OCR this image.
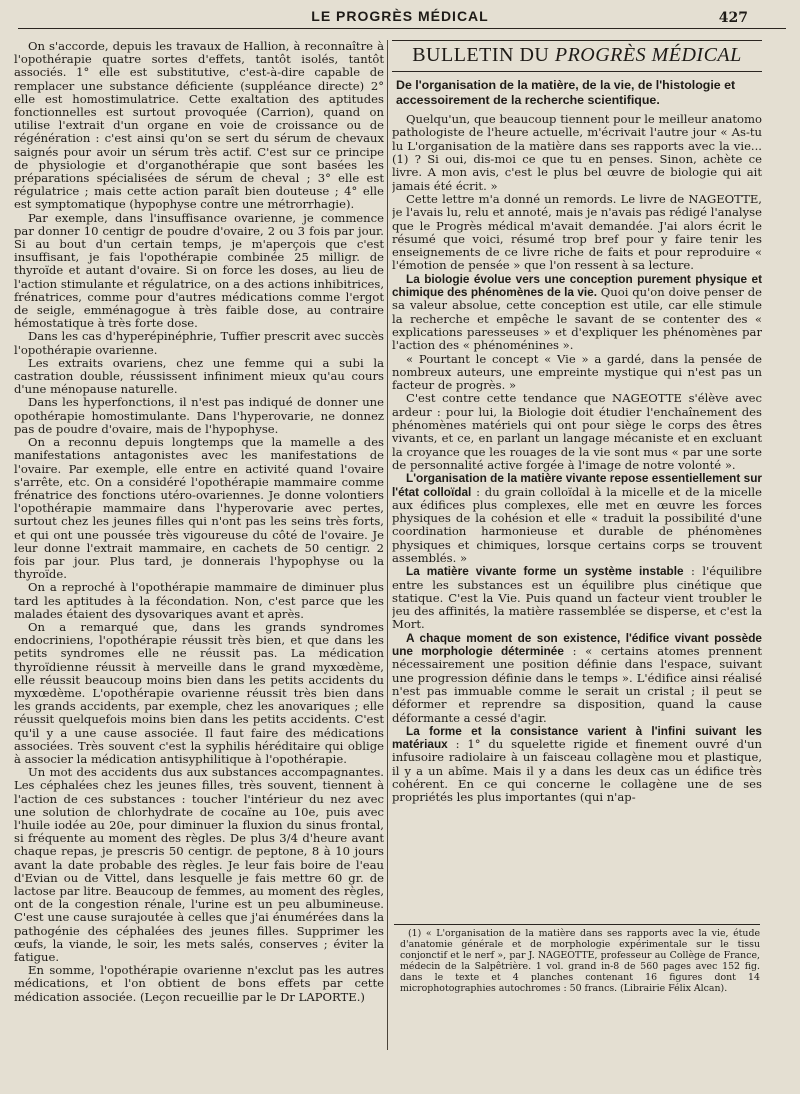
LE PROGRÈS MÉDICAL	427

On s'accorde, depuis les travaux de Hallion, à reconnaître à l'opothérapie quatre sortes d'effets, tantôt isolés, tantôt associés. 1° elle est substitutive, c'est-à-dire capable de remplacer une substance déficiente (suppléance directe) 2° elle est homostimulatrice. Cette exaltation des aptitudes fonctionnelles est surtout provoquée (Carrion), quand on utilise l'extrait d'un organe en voie de croissance ou de régénération : c'est ainsi qu'on se sert du sérum de chevaux saignés pour avoir un sérum très actif. C'est sur ce principe de physiologie et d'organothérapie que sont basées les préparations spécialisées de sérum de cheval ; 3° elle est régulatrice ; mais cette action paraît bien douteuse ; 4° elle est symptomatique (hypophyse contre une métrorrhagie).

Par exemple, dans l'insuffisance ovarienne, je commence par donner 10 centigr de poudre d'ovaire, 2 ou 3 fois par jour. Si au bout d'un certain temps, je m'aperçois que c'est insuffisant, je fais l'opothérapie combinée 25 milligr. de thyroïde et autant d'ovaire. Si on force les doses, au lieu de l'action stimulante et régulatrice, on a des actions inhibitrices, frénatrices, comme pour d'autres médications comme l'ergot de seigle, emménagogue à très faible dose, au contraire hémostatique à très forte dose.

Dans les cas d'hyperépinéphrie, Tuffier prescrit avec succès l'opothérapie ovarienne.

Les extraits ovariens, chez une femme qui a subi la castration double, réussissent infiniment mieux qu'au cours d'une ménopause naturelle.

Dans les hyperfonctions, il n'est pas indiqué de donner une opothérapie homostimulante. Dans l'hyperovarie, ne donnez pas de poudre d'ovaire, mais de l'hypophyse.

On a reconnu depuis longtemps que la mamelle a des manifestations antagonistes avec les manifestations de l'ovaire. Par exemple, elle entre en activité quand l'ovaire s'arrête, etc. On a considéré l'opothérapie mammaire comme frénatrice des fonctions utéro-ovariennes. Je donne volontiers l'opothérapie mammaire dans l'hyperovarie avec pertes, surtout chez les jeunes filles qui n'ont pas les seins très forts, et qui ont une poussée très vigoureuse du côté de l'ovaire. Je leur donne l'extrait mammaire, en cachets de 50 centigr. 2 fois par jour. Plus tard, je donnerais l'hypophyse ou la thyroïde.

On a reproché à l'opothérapie mammaire de diminuer plus tard les aptitudes à la fécondation. Non, c'est parce que les malades étaient des dysovariques avant et après.

On a remarqué que, dans les grands syndromes endocriniens, l'opothérapie réussit très bien, et que dans les petits syndromes elle ne réussit pas. La médication thyroïdienne réussit à merveille dans le grand myxœdème, elle réussit beaucoup moins bien dans les petits accidents du myxœdème. L'opothérapie ovarienne réussit très bien dans les grands accidents, par exemple, chez les anovariques ; elle réussit quelquefois moins bien dans les petits accidents. C'est qu'il y a une cause associée. Il faut faire des médications associées. Très souvent c'est la syphilis héréditaire qui oblige à associer la médication antisyphilitique à l'opothérapie.

Un mot des accidents dus aux substances accompagnantes. Les céphalées chez les jeunes filles, très souvent, tiennent à l'action de ces substances : toucher l'intérieur du nez avec une solution de chlorhydrate de cocaïne au 10e, puis avec l'huile iodée au 20e, pour diminuer la fluxion du sinus frontal, si fréquente au moment des règles. De plus 3/4 d'heure avant chaque repas, je prescris 50 centigr. de peptone, 8 à 10 jours avant la date probable des règles. Je leur fais boire de l'eau d'Evian ou de Vittel, dans lesquelle je fais mettre 60 gr. de lactose par litre. Beaucoup de femmes, au moment des règles, ont de la congestion rénale, l'urine est un peu albumineuse. C'est une cause surajoutée à celles que j'ai énumérées dans la pathogénie des céphalées des jeunes filles. Supprimer les œufs, la viande, le soir, les mets salés, conserves ; éviter la fatigue.

En somme, l'opothérapie ovarienne n'exclut pas les autres médications, et l'on obtient de bons effets par cette médication associée. (Leçon recueillie par le Dr LAPORTE.)

BULLETIN DU PROGRÈS MÉDICAL
De l'organisation de la matière, de la vie, de l'histologie et accessoirement de la recherche scientifique.

Quelqu'un, que beaucoup tiennent pour le meilleur anatomo pathologiste de l'heure actuelle, m'écrivait l'autre jour « As-tu lu L'organisation de la matière dans ses rapports avec la vie... (1) ? Si oui, dis-moi ce que tu en penses. Sinon, achète ce livre. A mon avis, c'est le plus bel œuvre de biologie qui ait jamais été écrit. »

Cette lettre m'a donné un remords. Le livre de NAGEOTTE, je l'avais lu, relu et annoté, mais je n'avais pas rédigé l'analyse que le Progrès médical m'avait demandée. J'ai alors écrit le résumé que voici, résumé trop bref pour y faire tenir les enseignements de ce livre riche de faits et pour reproduire « l'émotion de pensée » que l'on ressent à sa lecture.

La biologie évolue vers une conception purement physique et chimique des phénomènes de la vie. Quoi qu'on doive penser de sa valeur absolue, cette conception est utile, car elle stimule la recherche et empêche le savant de se contenter des « explications paresseuses » et d'expliquer les phénomènes par l'action des « phénoménines ».

« Pourtant le concept « Vie » a gardé, dans la pensée de nombreux auteurs, une empreinte mystique qui n'est pas un facteur de progrès. »

C'est contre cette tendance que NAGEOTTE s'élève avec ardeur : pour lui, la Biologie doit étudier l'enchaînement des phénomènes matériels qui ont pour siège le corps des êtres vivants, et ce, en parlant un langage mécaniste et en excluant la croyance que les rouages de la vie sont mus « par une sorte de personnalité active forgée à l'image de notre volonté ».

L'organisation de la matière vivante repose essentiellement sur l'état colloïdal : du grain colloïdal à la micelle et de la micelle aux édifices plus complexes, elle met en œuvre les forces physiques de la cohésion et elle « traduit la possibilité d'une coordination harmonieuse et durable de phénomènes physiques et chimiques, lorsque certains corps se trouvent assemblés. »

La matière vivante forme un système instable : l'équilibre entre les substances est un équilibre plus cinétique que statique. C'est la Vie. Puis quand un facteur vient troubler le jeu des affinités, la matière rassemblée se disperse, et c'est la Mort.

A chaque moment de son existence, l'édifice vivant possède une morphologie déterminée : « certains atomes prennent nécessairement une position définie dans l'espace, suivant une progression définie dans le temps ». L'édifice ainsi réalisé n'est pas immuable comme le serait un cristal ; il peut se déformer et reprendre sa disposition, quand la cause déformante a cessé d'agir.

La forme et la consistance varient à l'infini suivant les matériaux : 1° du squelette rigide et finement ouvré d'un infusoire radiolaire à un faisceau collagène mou et plastique, il y a un abîme. Mais il y a dans les deux cas un édifice très cohérent. En ce qui concerne le collagène une de ses propriétés les plus importantes (qui n'ap-

(1) « L'organisation de la matière dans ses rapports avec la vie, étude d'anatomie générale et de morphologie expérimentale sur le tissu conjonctif et le nerf », par J. NAGEOTTE, professeur au Collège de France, médecin de la Salpêtrière. 1 vol. grand in-8 de 560 pages avec 152 fig. dans le texte et 4 planches contenant 16 figures dont 14 microphotographies autochromes : 50 francs. (Librairie Félix Alcan).
